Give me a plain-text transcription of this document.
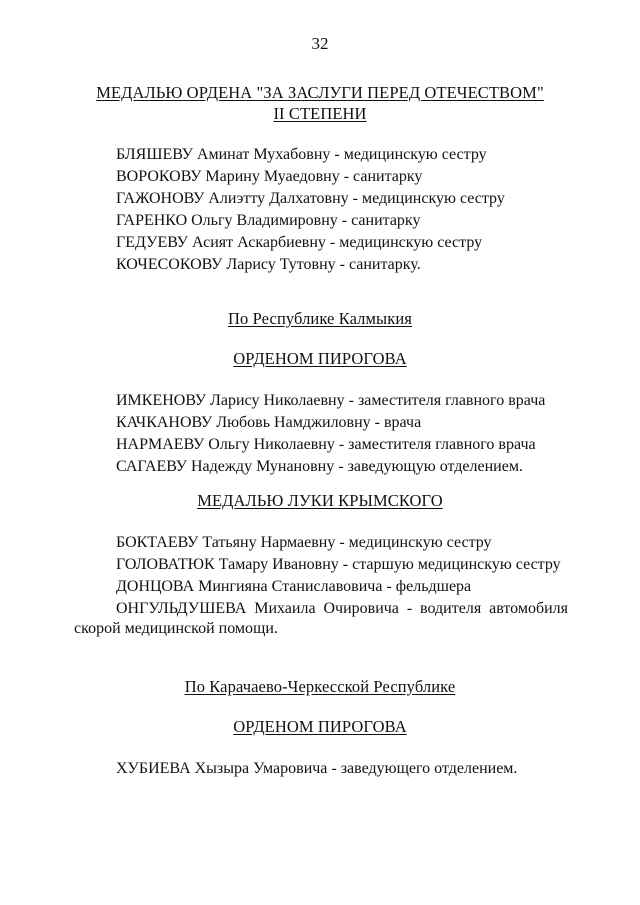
32
МЕДАЛЬЮ ОРДЕНА "ЗА ЗАСЛУГИ ПЕРЕД ОТЕЧЕСТВОМ"
II СТЕПЕНИ
БЛЯШЕВУ Аминат Мухабовну - медицинскую сестру
ВОРОКОВУ Марину Муаедовну - санитарку
ГАЖОНОВУ Алиэтту Далхатовну - медицинскую сестру
ГАРЕНКО Ольгу Владимировну - санитарку
ГЕДУЕВУ Асият Аскарбиевну - медицинскую сестру
КОЧЕСОКОВУ Ларису Тутовну - санитарку.
По Республике Калмыкия
ОРДЕНОМ ПИРОГОВА
ИМКЕНОВУ Ларису Николаевну - заместителя главного врача
КАЧКАНОВУ Любовь Намджиловну - врача
НАРМАЕВУ Ольгу Николаевну - заместителя главного врача
САГАЕВУ Надежду Мунановну - заведующую отделением.
МЕДАЛЬЮ ЛУКИ КРЫМСКОГО
БОКТАЕВУ Татьяну Нармаевну - медицинскую сестру
ГОЛОВАТЮК Тамару Ивановну - старшую медицинскую сестру
ДОНЦОВА Мингияна Станиславовича - фельдшера
ОНГУЛЬДУШЕВА Михаила Очировича - водителя автомобиля
скорой медицинской помощи.
По Карачаево-Черкесской Республике
ОРДЕНОМ ПИРОГОВА
ХУБИЕВА Хызыра Умаровича - заведующего отделением.
